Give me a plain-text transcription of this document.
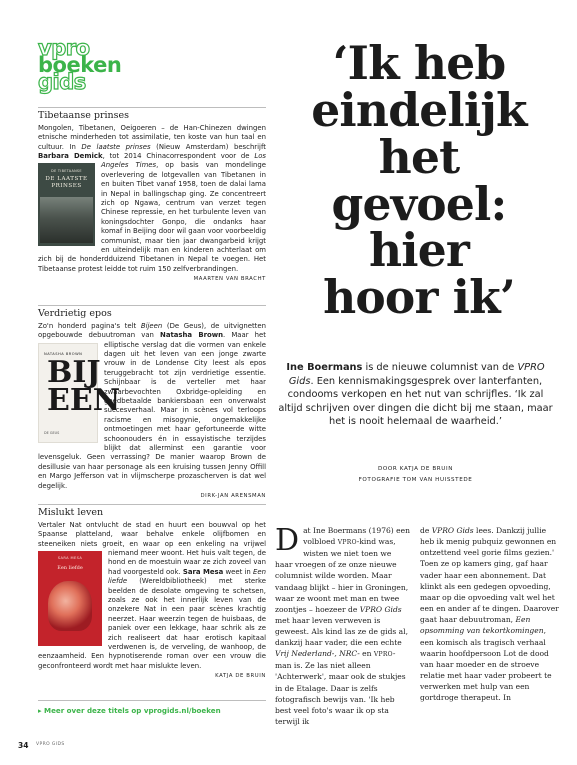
vpro
boeken
gids
Tibetaanse prinses

Mongolen, Tibetanen, Oeigoeren – de Han-Chinezen dwingen etnische minderheden tot assimilatie, ten koste van hun taal en cultuur. In De laatste prinses (Nieuw Amsterdam) beschrijft Barbara Demick, tot 2014 Chinacorrespondent
DE TIBETAANSE
DE LAATSTE PRINSES
voor de Los Angeles Times, op basis van mondelinge overlevering de lotgevallen van Tibetanen in en buiten Tibet vanaf 1958, toen de dalai lama in Nepal in ballingschap ging. Ze concentreert zich op Ngawa, centrum van verzet tegen Chinese repressie, en het turbulente leven van koningsdochter Gonpo, die ondanks haar komaf in Beijing door wil gaan voor voorbeeldig communist, maar tien jaar dwangarbeid krijgt en uiteindelijk man en kinderen achterlaat om zich bij de honderdduizend Tibetanen in Nepal te voegen. Het Tibetaanse protest leidde tot ruim 150 zelfverbrandingen.

MAARTEN VAN BRACHT
Verdrietig epos

Zo'n honderd pagina's telt Bijeen (De Geus), de uitvignetten opgebouwde debuutroman van Natasha Brown. Maar het elliptische verslag dat die vormen van enkele
NATASHA BROWN
BIJ EEN
DE GEUS
dagen uit het leven van een jonge zwarte vrouw in de Londense City leest als epos teruggebracht tot zijn verdrietige essentie. Schijnbaar is de verteller met haar zwaarbevochten Oxbridge-opleiding en goedbetaalde bankiersbaan een onverwalst succesverhaal. Maar in scènes vol terloops racisme en misogynie, ongemakkelijke ontmoetingen met haar gefortuneerde witte schoonouders én in essayistische terzijdes blijkt dat allerminst een garantie voor levensgeluk. Geen verrassing? De manier waarop Brown de desillusie van haar personage als een kruising tussen Jenny Offill en Margo Jefferson vat in vlijmscherpe prozascherven is dat wel degelijk.

DIRK-JAN ARENSMAN
Mislukt leven

Vertaler Nat ontvlucht de stad en huurt een bouwval op het Spaanse platteland, waar behalve enkele olijfbomen en steeneiken niets groeit, en waar op een enkeling na
SARA MESA
Een liefde
vrijwel niemand meer woont. Het huis valt tegen, de hond en de moestuin waar ze zich zoveel van had voorgesteld ook. Sara Mesa weet in Een liefde (Wereldbibliotheek) met sterke beelden de desolate omgeving te schetsen, zoals ze ook het innerlijk leven van de onzekere Nat in een paar scènes krachtig neerzet. Haar weerzin tegen de huisbaas, de paniek over een lekkage, haar schrik als ze zich realiseert dat haar erotisch kapitaal verdwenen is, de verveling, de wanhoop, de eenzaamheid. Een hypnotiserende roman over een vrouw die geconfronteerd wordt met haar mislukte leven.

KATJA DE BRUIN
▸ Meer over deze titels op vprogids.nl/boeken
‘Ik heb
eindelijk
het gevoel:
hier
hoor ik’
Ine Boermans is de nieuwe columnist van de VPRO Gids. Een kennismakingsgesprek over lanterfanten, condooms verkopen en het nut van schrijfles. ‘Ik zal altijd schrijven over dingen die dicht bij me staan, maar het is nooit helemaal de waarheid.’
DOOR KATJA DE BRUIN
FOTOGRAFIE TOM VAN HUISSTEDE
Dat Ine Boermans (1976) een volbloed VPRO-kind was, wisten we niet toen we haar vroegen of ze onze nieuwe columnist wilde worden. Maar vandaag blijkt – hier in Groningen, waar ze woont met man en twee zoontjes – hoezeer de VPRO Gids met haar leven verweven is geweest. Als kind las ze de gids al, dankzij haar vader, die een echte Vrij Nederland-, NRC- en VPRO-man is. Ze las niet alleen 'Achterwerk', maar ook de stukjes in de Etalage. Daar is zelfs fotografisch bewijs van. 'Ik heb best veel foto's waar ik op sta terwijl ik
de VPRO Gids lees. Dankzij jullie heb ik menig pubquiz gewonnen en ontzettend veel gorie films gezien.' Toen ze op kamers ging, gaf haar vader haar een abonnement. Dat klinkt als een gedegen opvoeding, maar op die opvoeding valt wel het een en ander af te dingen. Daarover gaat haar debuutroman, Een opsomming van tekortkomingen, een komisch als tragisch verhaal waarin hoofdpersoon Lot de dood van haar moeder en de stroeve relatie met haar vader probeert te verwerken met hulp van een gortdroge therapeut. In
34 VPRO GIDS
